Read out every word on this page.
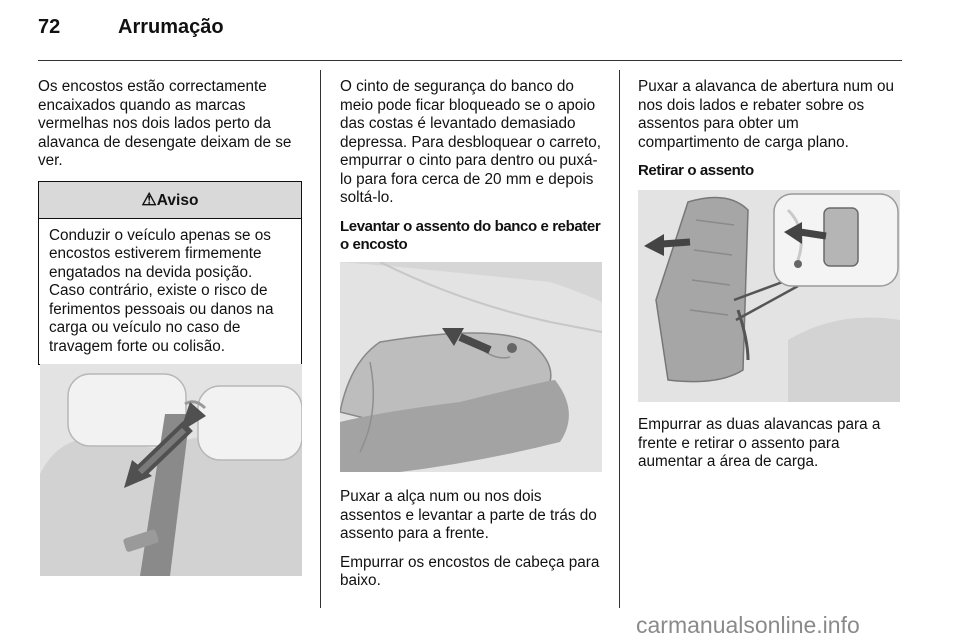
72	Arrumação

Os encostos estão correctamente encaixados quando as marcas vermelhas nos dois lados perto da alavanca de desengate deixam de se ver.

⚠Aviso
Conduzir o veículo apenas se os encostos estiverem firmemente engatados na devida posição. Caso contrário, existe o risco de ferimentos pessoais ou danos na carga ou veículo no caso de travagem forte ou colisão.

O cinto de segurança do banco do meio pode ficar bloqueado se o apoio das costas é levantado demasiado depressa. Para desbloquear o carreto, empurrar o cinto para dentro ou puxá-lo para fora cerca de 20 mm e depois soltá-lo.

Levantar o assento do banco e rebater o encosto

Puxar a alça num ou nos dois assentos e levantar a parte de trás do assento para a frente.

Empurrar os encostos de cabeça para baixo.

Puxar a alavanca de abertura num ou nos dois lados e rebater sobre os assentos para obter um compartimento de carga plano.

Retirar o assento

Empurrar as duas alavancas para a frente e retirar o assento para aumentar a área de carga.

carmanualsonline.info
